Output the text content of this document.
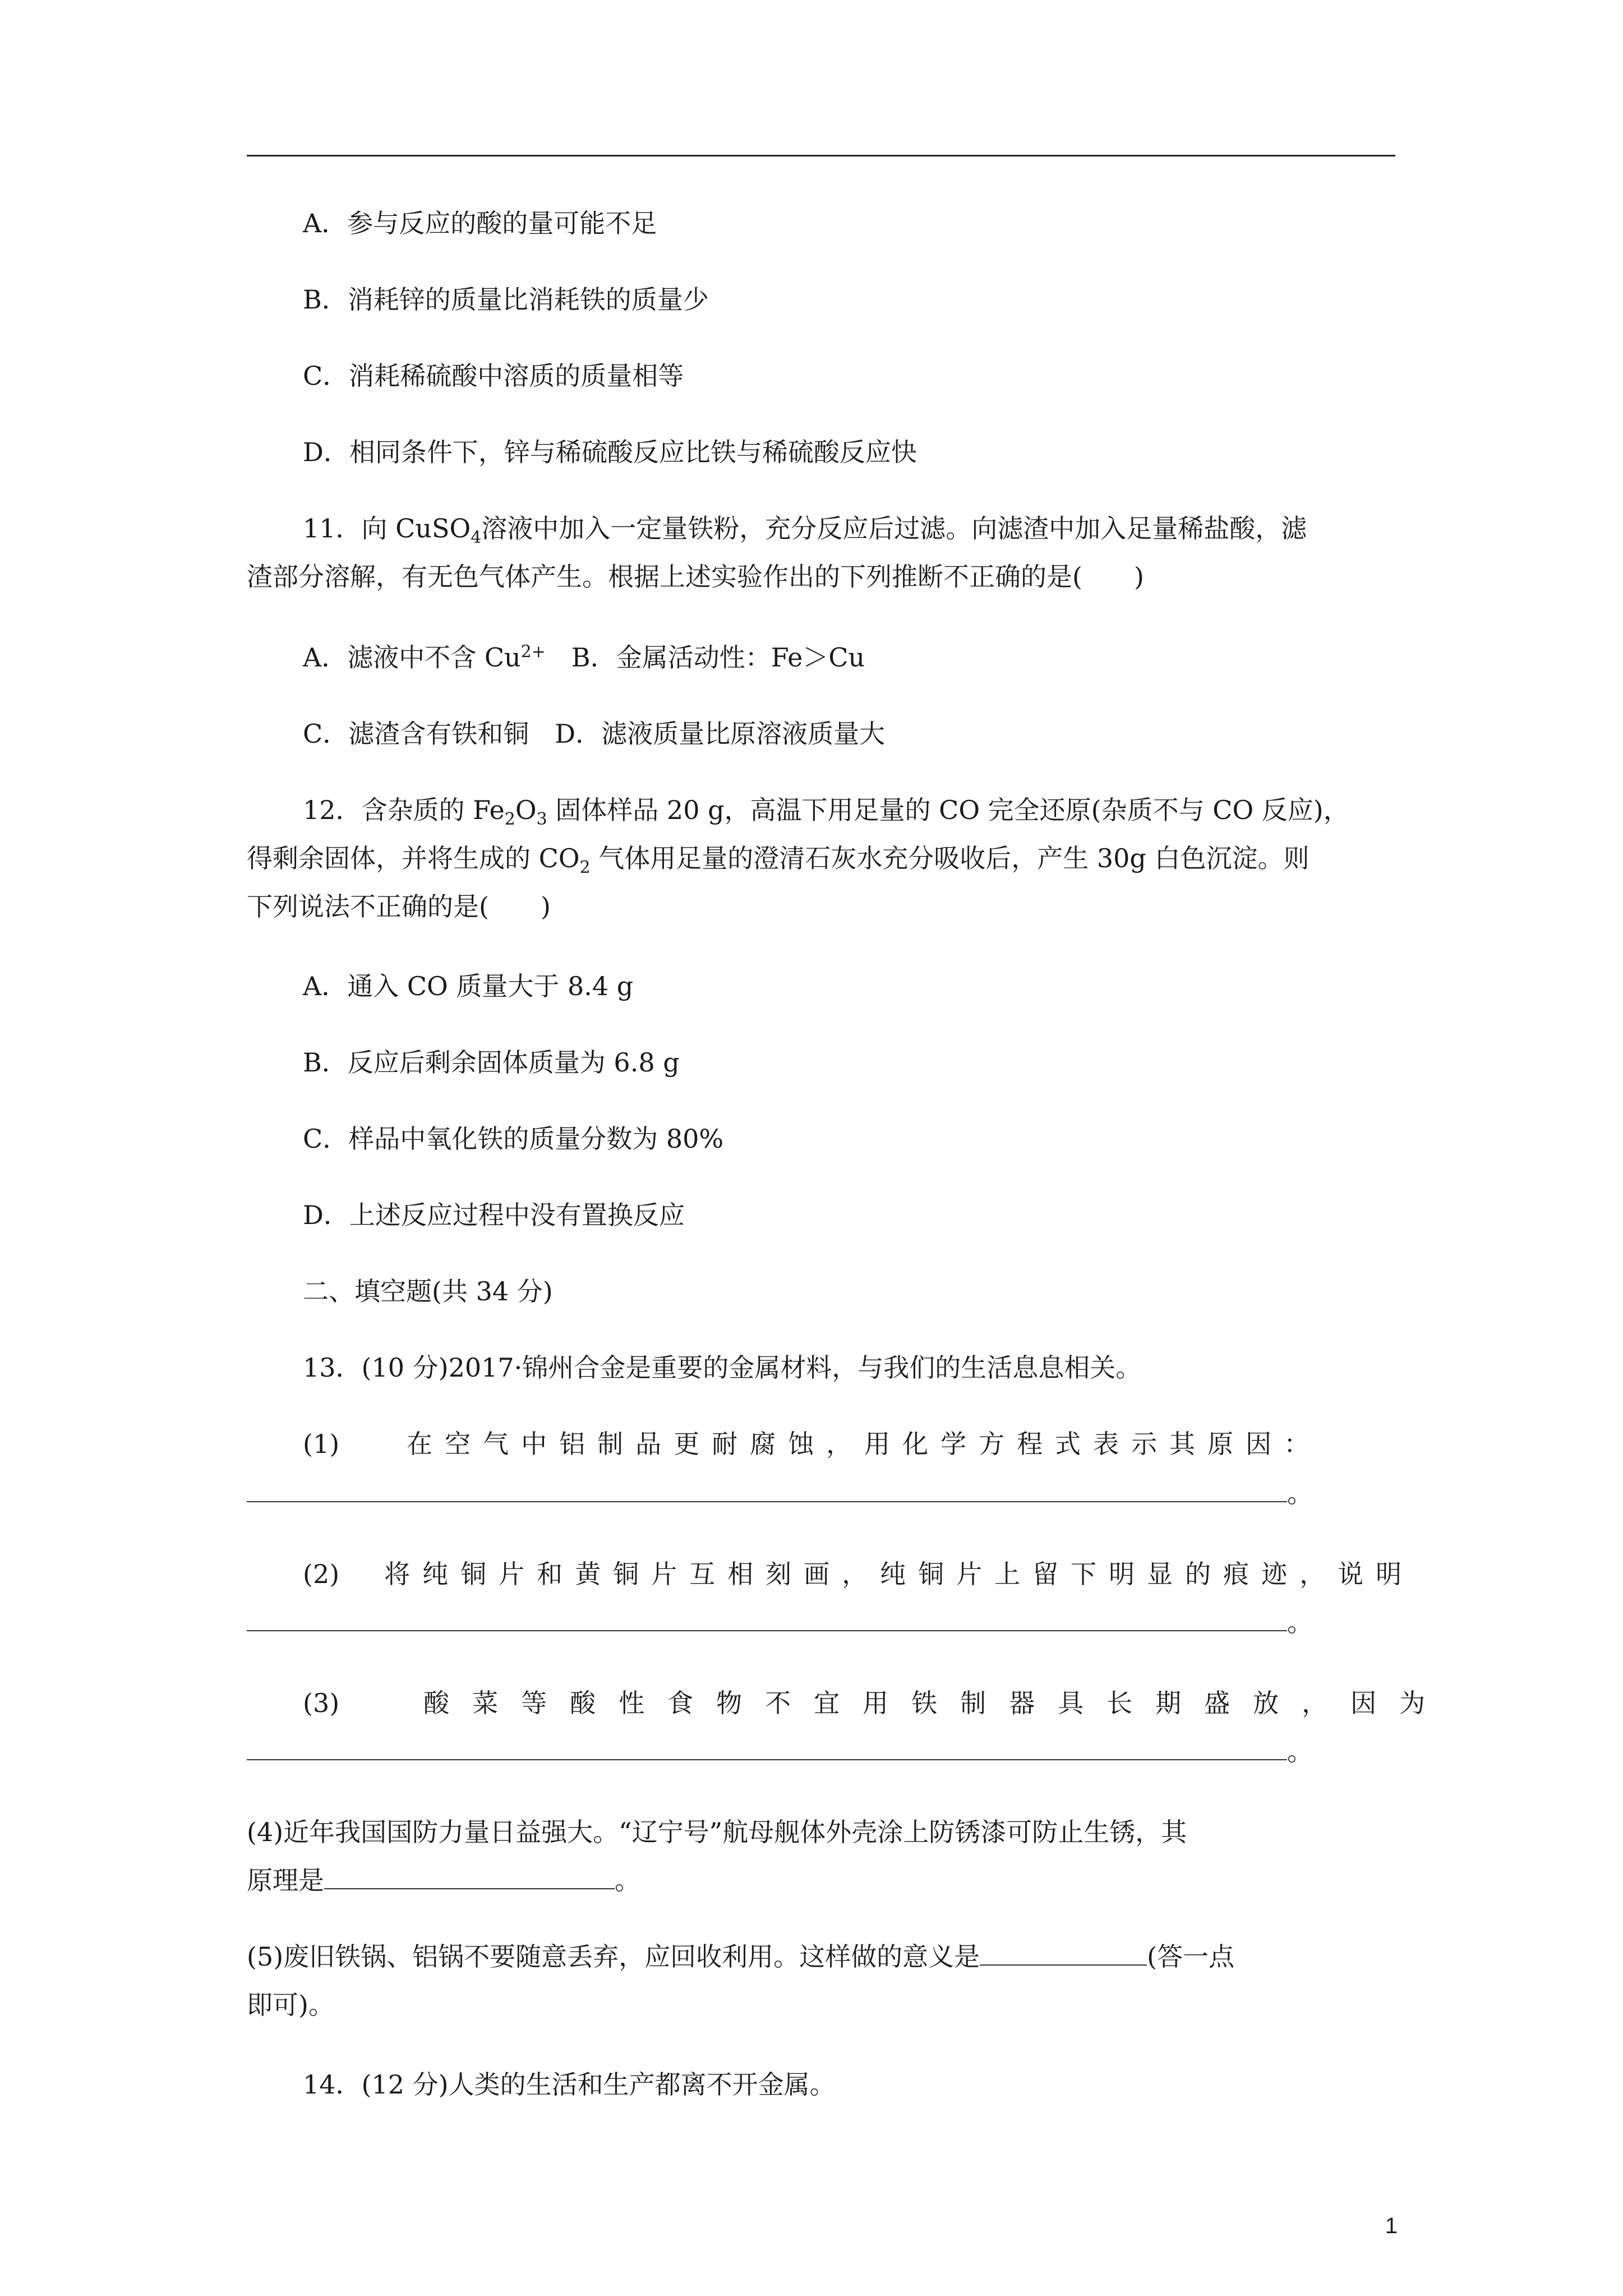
A．参与反应的酸的量可能不足
B．消耗锌的质量比消耗铁的质量少
C．消耗稀硫酸中溶质的质量相等
D．相同条件下，锌与稀硫酸反应比铁与稀硫酸反应快
11．向 CuSO$_4$溶液中加入一定量铁粉，充分反应后过滤。向滤渣中加入足量稀盐酸，滤
渣部分溶解，有无色气体产生。根据上述实验作出的下列推断不正确的是(　　)
A．滤液中不含 $Cu^{2+}$　B．金属活动性：Fe＞Cu
C．滤渣含有铁和铜　D．滤液质量比原溶液质量大
12．含杂质的 $Fe_2O_3$ 固体样品 20 g，高温下用足量的 CO 完全还原(杂质不与 CO 反应)，
得剩余固体，并将生成的 $CO_2$ 气体用足量的澄清石灰水充分吸收后，产生 30g 白色沉淀。则
下列说法不正确的是(　　)
A．通入 CO 质量大于 8.4 g
B．反应后剩余固体质量为 6.8 g
C．样品中氧化铁的质量分数为 80%
D．上述反应过程中没有置换反应
二、填空题(共 34 分)
13．(10 分)2017·锦州合金是重要的金属材料，与我们的生活息息相关。
(1)	在空气中铝制品更耐腐蚀，用化学方程式表示其原因：
。
(2) 将纯铜片和黄铜片互相刻画，纯铜片上留下明显的痕迹，说明
。
(3)	酸菜等酸性食物不宜用铁制器具长期盛放，因为
。
(4)近年我国国防力量日益强大。“辽宁号”航母舰体外壳涂上防锈漆可防止生锈，其
原理是	。
(5)废旧铁锅、铝锅不要随意丢弃，应回收利用。这样做的意义是	(答一点
即可)。
14．(12 分)人类的生活和生产都离不开金属。
1
